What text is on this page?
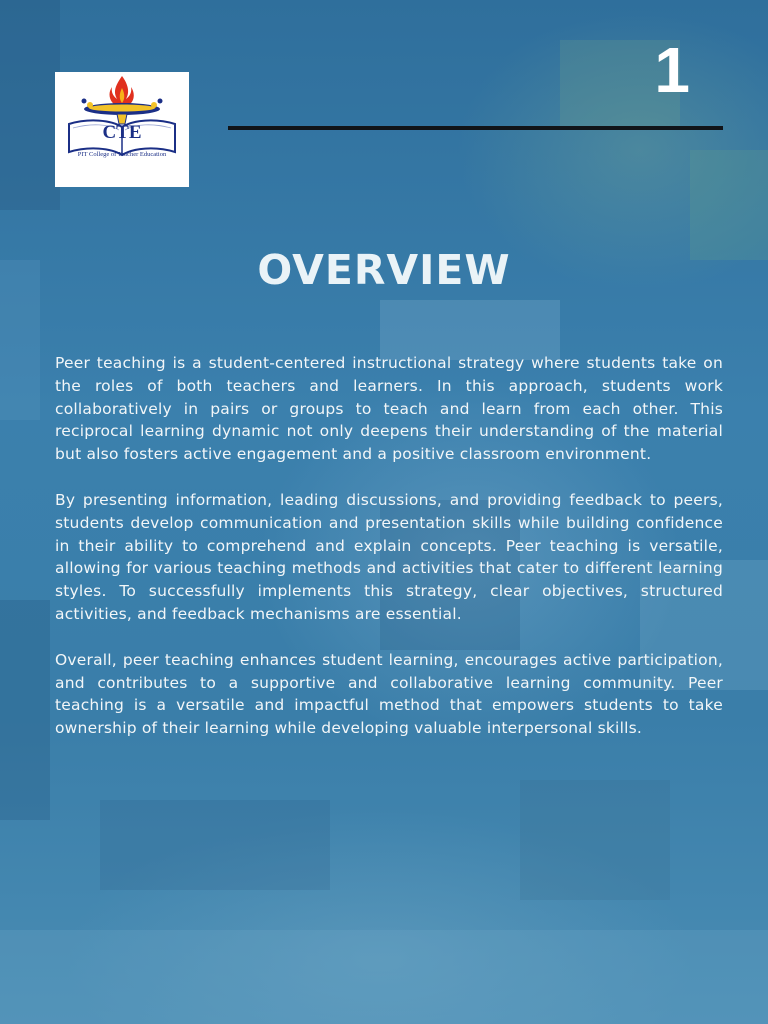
CTE
PIT College of Teacher Education
1
OVERVIEW

Peer teaching is a student-centered instructional strategy where students take on the roles of both teachers and learners. In this approach, students work collaboratively in pairs or groups to teach and learn from each other. This reciprocal learning dynamic not only deepens their understanding of the material but also fosters active engagement and a positive classroom environment.

By presenting information, leading discussions, and providing feedback to peers, students develop communication and presentation skills while building confidence in their ability to comprehend and explain concepts. Peer teaching is versatile, allowing for various teaching methods and activities that cater to different learning styles. To successfully implements this strategy, clear objectives, structured activities, and feedback mechanisms are essential.

Overall, peer teaching enhances student learning, encourages active participation, and contributes to a supportive and collaborative learning community. Peer teaching is a versatile and impactful method that empowers students to take ownership of their learning while developing valuable interpersonal skills.
